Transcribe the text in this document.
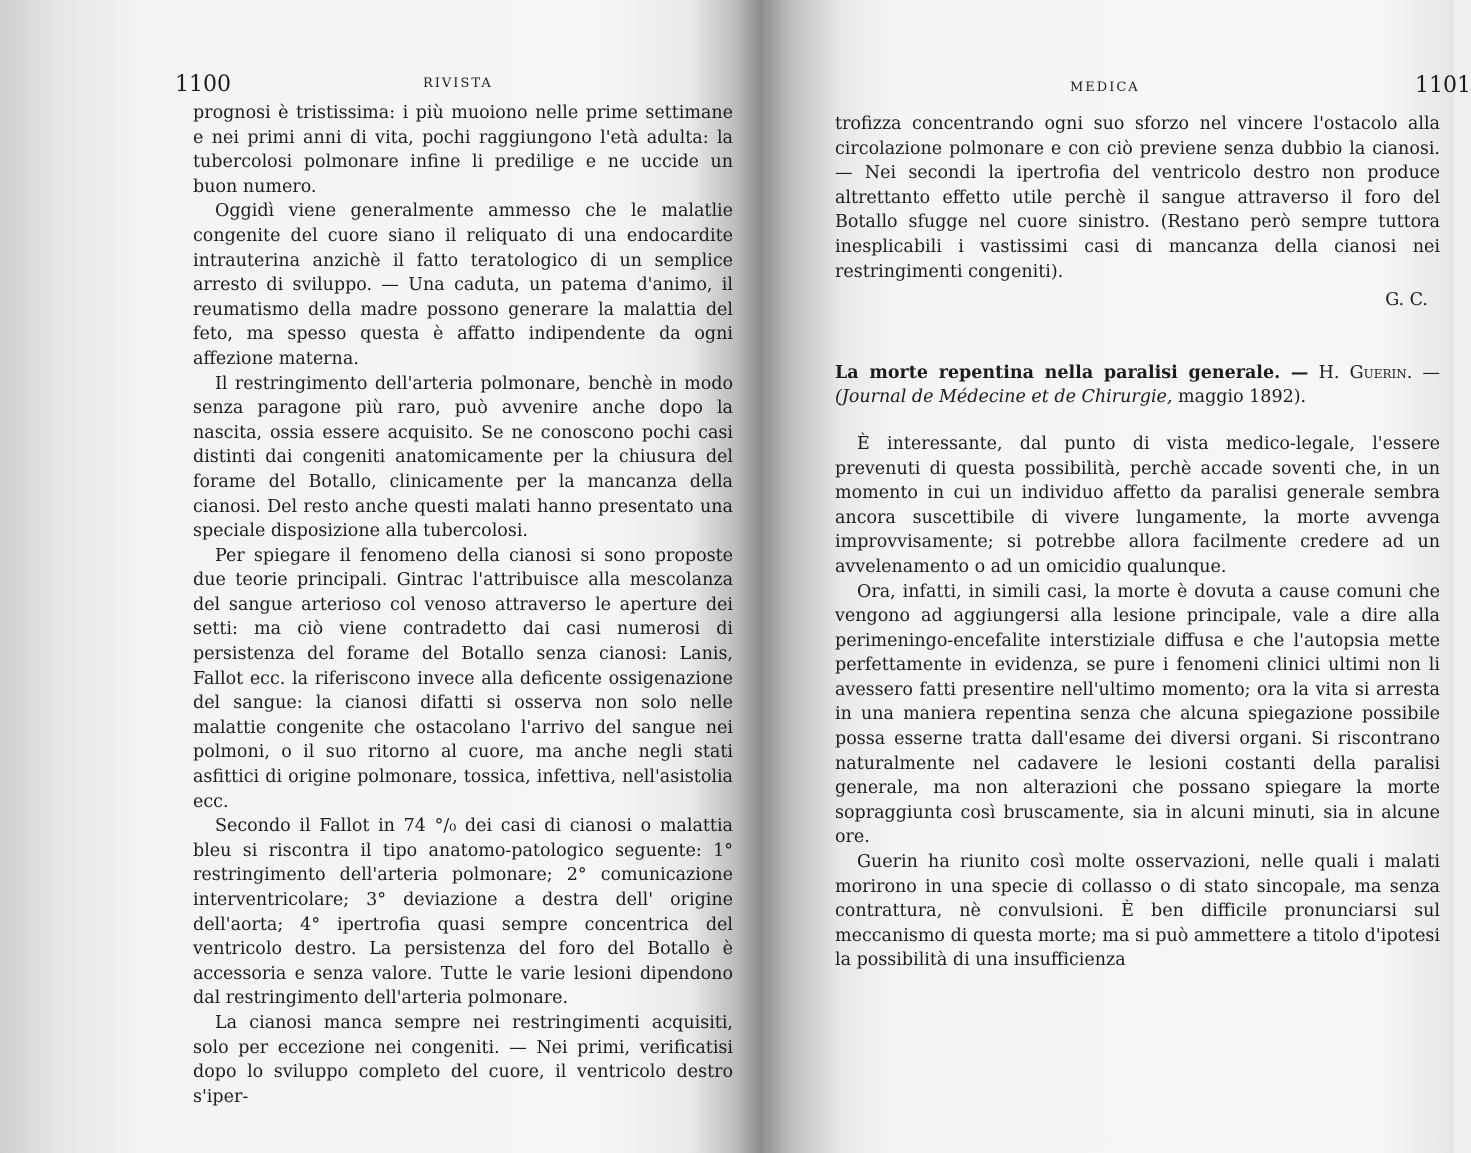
1100	RIVISTA

prognosi è tristissima: i più muoiono nelle prime settimane e nei primi anni di vita, pochi raggiungono l'età adulta: la tubercolosi polmonare infine li predilige e ne uccide un buon numero.

Oggidì viene generalmente ammesso che le malatlie congenite del cuore siano il reliquato di una endocardite intrauterina anzichè il fatto teratologico di un semplice arresto di sviluppo. — Una caduta, un patema d'animo, il reumatismo della madre possono generare la malattia del feto, ma spesso questa è affatto indipendente da ogni affezione materna.

Il restringimento dell'arteria polmonare, benchè in modo senza paragone più raro, può avvenire anche dopo la nascita, ossia essere acquisito. Se ne conoscono pochi casi distinti dai congeniti anatomicamente per la chiusura del forame del Botallo, clinicamente per la mancanza della cianosi. Del resto anche questi malati hanno presentato una speciale disposizione alla tubercolosi.

Per spiegare il fenomeno della cianosi si sono proposte due teorie principali. Gintrac l'attribuisce alla mescolanza del sangue arterioso col venoso attraverso le aperture dei setti: ma ciò viene contradetto dai casi numerosi di persistenza del forame del Botallo senza cianosi: Lanis, Fallot ecc. la riferiscono invece alla deficente ossigenazione del sangue: la cianosi difatti si osserva non solo nelle malattie congenite che ostacolano l'arrivo del sangue nei polmoni, o il suo ritorno al cuore, ma anche negli stati asfittici di origine polmonare, tossica, infettiva, nell'asistolia ecc.

Secondo il Fallot in 74 °/₀ dei casi di cianosi o malattia bleu si riscontra il tipo anatomo-patologico seguente: 1° restringimento dell'arteria polmonare; 2° comunicazione interventricolare; 3° deviazione a destra dell' origine dell'aorta; 4° ipertrofia quasi sempre concentrica del ventricolo destro. La persistenza del foro del Botallo è accessoria e senza valore. Tutte le varie lesioni dipendono dal restringimento dell'arteria polmonare.

La cianosi manca sempre nei restringimenti acquisiti, solo per eccezione nei congeniti. — Nei primi, verificatisi dopo lo sviluppo completo del cuore, il ventricolo destro s'iper-

MEDICA	1101

trofizza concentrando ogni suo sforzo nel vincere l'ostacolo alla circolazione polmonare e con ciò previene senza dubbio la cianosi. — Nei secondi la ipertrofia del ventricolo destro non produce altrettanto effetto utile perchè il sangue attraverso il foro del Botallo sfugge nel cuore sinistro. (Restano però sempre tuttora inesplicabili i vastissimi casi di mancanza della cianosi nei restringimenti congeniti).

G. C.

La morte repentina nella paralisi generale. — H. Guerin. — (Journal de Médecine et de Chirurgie, maggio 1892).

È interessante, dal punto di vista medico-legale, l'essere prevenuti di questa possibilità, perchè accade soventi che, in un momento in cui un individuo affetto da paralisi generale sembra ancora suscettibile di vivere lungamente, la morte avvenga improvvisamente; si potrebbe allora facilmente credere ad un avvelenamento o ad un omicidio qualunque.

Ora, infatti, in simili casi, la morte è dovuta a cause comuni che vengono ad aggiungersi alla lesione principale, vale a dire alla perimeningo-encefalite interstiziale diffusa e che l'autopsia mette perfettamente in evidenza, se pure i fenomeni clinici ultimi non li avessero fatti presentire nell'ultimo momento; ora la vita si arresta in una maniera repentina senza che alcuna spiegazione possibile possa esserne tratta dall'esame dei diversi organi. Si riscontrano naturalmente nel cadavere le lesioni costanti della paralisi generale, ma non alterazioni che possano spiegare la morte sopraggiunta così bruscamente, sia in alcuni minuti, sia in alcune ore.

Guerin ha riunito così molte osservazioni, nelle quali i malati morirono in una specie di collasso o di stato sincopale, ma senza contrattura, nè convulsioni. È ben difficile pronunciarsi sul meccanismo di questa morte; ma si può ammettere a titolo d'ipotesi la possibilità di una insufficienza
